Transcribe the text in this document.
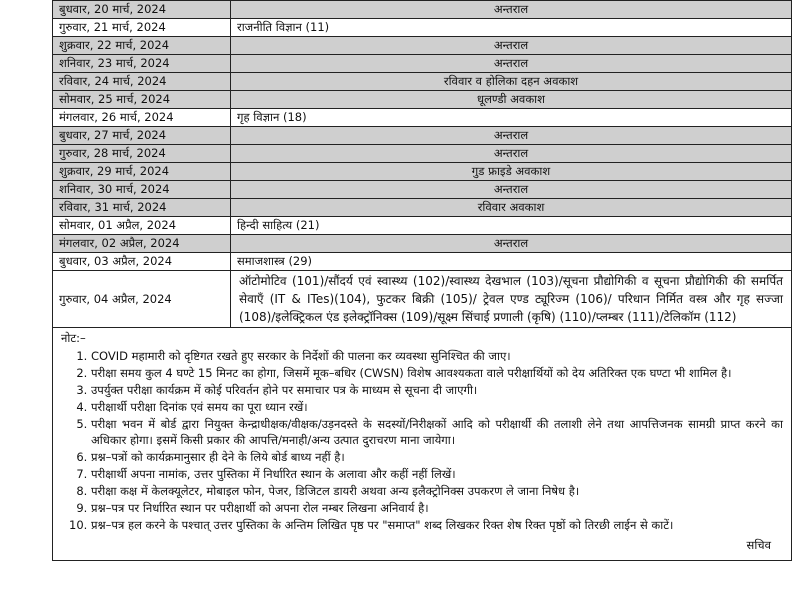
बुधवार, 20 मार्च, 2024	अन्तराल
गुरुवार, 21 मार्च, 2024	राजनीति विज्ञान (11)
शुक्रवार, 22 मार्च, 2024	अन्तराल
शनिवार, 23 मार्च, 2024	अन्तराल
रविवार, 24 मार्च, 2024	रविवार व होलिका दहन अवकाश
सोमवार, 25 मार्च, 2024	धूलण्डी अवकाश
मंगलवार, 26 मार्च, 2024	गृह विज्ञान (18)
बुधवार, 27 मार्च, 2024	अन्तराल
गुरुवार, 28 मार्च, 2024	अन्तराल
शुक्रवार, 29 मार्च, 2024	गुड फ्राइडे अवकाश
शनिवार, 30 मार्च, 2024	अन्तराल
रविवार, 31 मार्च, 2024	रविवार अवकाश
सोमवार, 01 अप्रैल, 2024	हिन्दी साहित्य (21)
मंगलवार, 02 अप्रैल, 2024	अन्तराल
बुधवार, 03 अप्रैल, 2024	समाजशास्त्र (29)
गुरुवार, 04 अप्रैल, 2024	ऑटोमोटिव (101)/सौंदर्य एवं स्वास्थ्य (102)/स्वास्थ्य देखभाल (103)/सूचना प्रौद्योगिकी व सूचना प्रौद्योगिकी की समर्पित सेवाएँ (IT & ITes)(104), फुटकर बिक्री (105)/ ट्रेवल एण्ड ट्यूरिज्म (106)/ परिधान निर्मित वस्त्र और गृह सज्जा (108)/इलेक्ट्रिकल एंड इलेक्ट्रॉनिक्स (109)/सूक्ष्म सिंचाई प्रणाली (कृषि) (110)/प्लम्बर (111)/टेलिकॉम (112)
नोट:–
1. COVID महामारी को दृष्टिगत रखते हुए सरकार के निर्देशों की पालना कर व्यवस्था सुनिश्चित की जाए।
2. परीक्षा समय कुल 4 घण्टे 15 मिनट का होगा, जिसमें मूक–बधिर (CWSN) विशेष आवश्यकता वाले परीक्षार्थियों को देय अतिरिक्त एक घण्टा भी शामिल है।
3. उपर्युक्त परीक्षा कार्यक्रम में कोई परिवर्तन होने पर समाचार पत्र के माध्यम से सूचना दी जाएगी।
4. परीक्षार्थी परीक्षा दिनांक एवं समय का पूरा ध्यान रखें।
5. परीक्षा भवन में बोर्ड द्वारा नियुक्त केन्द्राधीक्षक/वीक्षक/उड़नदस्ते के सदस्यों/निरीक्षकों आदि को परीक्षार्थी की तलाशी लेने तथा आपत्तिजनक सामग्री प्राप्त करने का अधिकार होगा। इसमें किसी प्रकार की आपत्ति/मनाही/अन्य उत्पात दुराचरण माना जायेगा।
6. प्रश्न–पत्रों को कार्यक्रमानुसार ही देने के लिये बोर्ड बाध्य नहीं है।
7. परीक्षार्थी अपना नामांक, उत्तर पुस्तिका में निर्धारित स्थान के अलावा और कहीं नहीं लिखें।
8. परीक्षा कक्ष में केलक्यूलेटर, मोबाइल फोन, पेजर, डिजिटल डायरी अथवा अन्य इलैक्ट्रोनिक्स उपकरण ले जाना निषेध है।
9. प्रश्न–पत्र पर निर्धारित स्थान पर परीक्षार्थी को अपना रोल नम्बर लिखना अनिवार्य है।
10. प्रश्न–पत्र हल करने के पश्चात् उत्तर पुस्तिका के अन्तिम लिखित पृष्ठ पर "समाप्त" शब्द लिखकर रिक्त शेष रिक्त पृष्ठों को तिरछी लाईन से काटें।
सचिव
